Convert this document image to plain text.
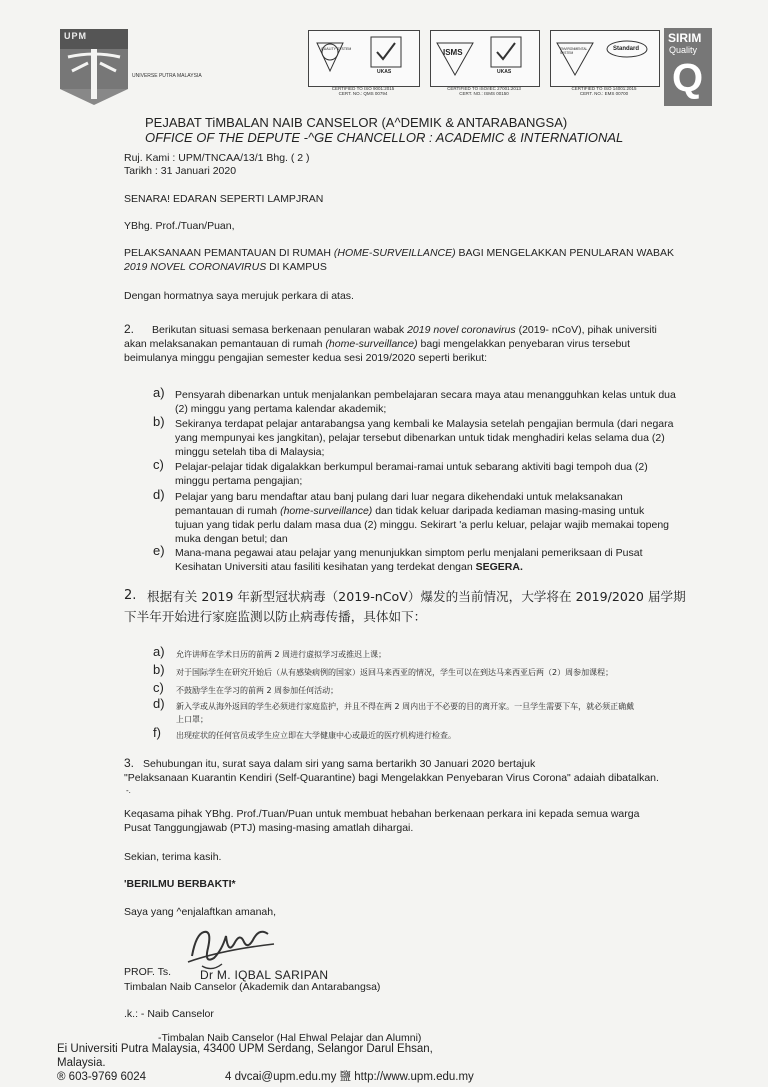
UPM
UNIVERSE PUTRA MALAYSIA
QUALITY SYSTEM
UKAS
ISMS
UKAS
ENVIRONMENTAL SYSTEM
Standard
CERTIFIED TO ISO 9001:2015
CERT. NO.: QMS 00794
CERTIFIED TO ISO/IEC 27001:2013
CERT. NO.: ISMS 00150
CERTIFIED TO ISO 14001:2015
CERT. NO.: EMS 00700
SIRIM
Quality
Q
PEJABAT TiMBALAN NAIB CANSELOR (A^DEMIK & ANTARABANGSA)
OFFICE OF THE DEPUTE -^GE CHANCELLOR : ACADEMIC & INTERNATIONAL
Ruj. Kami : UPM/TNCAA/13/1 Bhg. ( 2 )
Tarikh : 31 Januari 2020
SENARA! EDARAN SEPERTI LAMPJRAN
YBhg. Prof./Tuan/Puan,
PELAKSANAAN PEMANTAUAN DI RUMAH (HOME-SURVEILLANCE) BAGI MENGELAKKAN PENULARAN WABAK
2019 NOVEL CORONAVIRUS DI KAMPUS
Dengan hormatnya saya merujuk perkara di atas.
2. Berikutan situasi semasa berkenaan penularan wabak 2019 novel coronavirus (2019- nCoV), pihak universiti
akan melaksanakan pemantauan di rumah (home-surveillance) bagi mengelakkan penyebaran virus tersebut
beimulanya minggu pengajian semester kedua sesi 2019/2020 seperti berikut:
a) Pensyarah dibenarkan untuk menjalankan pembelajaran secara maya atau menangguhkan kelas untuk dua
(2) minggu yang pertama kalendar akademik;
b) Sekiranya terdapat pelajar antarabangsa yang kembali ke Malaysia setelah pengajian bermula (dari negara
yang mempunyai kes jangkitan), pelajar tersebut dibenarkan untuk tidak menghadiri kelas selama dua (2)
minggu setelah tiba di Malaysia;
c) Pelajar-pelajar tidak digalakkan berkumpul beramai-ramai untuk sebarang aktiviti bagi tempoh dua (2)
minggu pertama pengajian;
d) Pelajar yang baru mendaftar atau banj pulang dari luar negara dikehendaki untuk melaksanakan
pemantauan di rumah (home-surveillance) dan tidak keluar daripada kediaman masing-masing untuk
tujuan yang tidak perlu dalam masa dua (2) minggu. Sekirart 'a perlu keluar, pelajar wajib memakai topeng
muka dengan betul; dan
e) Mana-mana pegawai atau pelajar yang menunjukkan simptom perlu menjalani pemeriksaan di Pusat
Kesihatan Universiti atau fasiliti kesihatan yang terdekat dengan SEGERA.
2. 根据有关 2019 年新型冠状病毒（2019-nCoV）爆发的当前情况，大学将在 2019/2020 届学期
下半年开始进行家庭监测以防止病毒传播，具体如下：
a) 允许讲师在学术日历的前两 2 周进行虚拟学习或推迟上课；
b) 对于国际学生在研究开始后（从有感染病例的国家）返回马来西亚的情况，学生可以在到达马来西亚后两（2）周参加课程；
c) 不鼓励学生在学习的前两 2 周参加任何活动；
d) 新入学或从海外返回的学生必须进行家庭监护，并且不得在两 2 周内出于不必要的目的离开家。一旦学生需要下车，就必须正确戴
上口罩；
f) 出现症状的任何官员或学生应立即在大学健康中心或最近的医疗机构进行检查。
3. Sehubungan itu, surat saya dalam siri yang sama bertarikh 30 Januari 2020 bertajuk
"Pelaksanaan Kuarantin Kendiri (Self-Quarantine) bagi Mengelakkan Penyebaran Virus Corona" adaiah dibatalkan.
-.
Keqasama pihak YBhg. Prof./Tuan/Puan untuk membuat hebahan berkenaan perkara ini kepada semua warga
Pusat Tanggungjawab (PTJ) masing-masing amatlah dihargai.
Sekian, terima kasih.
'BERILMU BERBAKTI*
Saya yang ^enjalaftkan amanah,
PROF. Ts. Dr M. IQBAL SARIPAN
Timbalan Naib Canselor (Akademik dan Antarabangsa)
.k.: - Naib Canselor
-Timbalan Naib Canselor (Hal Ehwal Pelajar dan Alumni)
Ei Universiti Putra Malaysia, 43400 UPM Serdang, Selangor Darul Ehsan,
Malaysia.
® 603-9769 6024	4 dvcai@upm.edu.my 鹽 http://www.upm.edu.my
